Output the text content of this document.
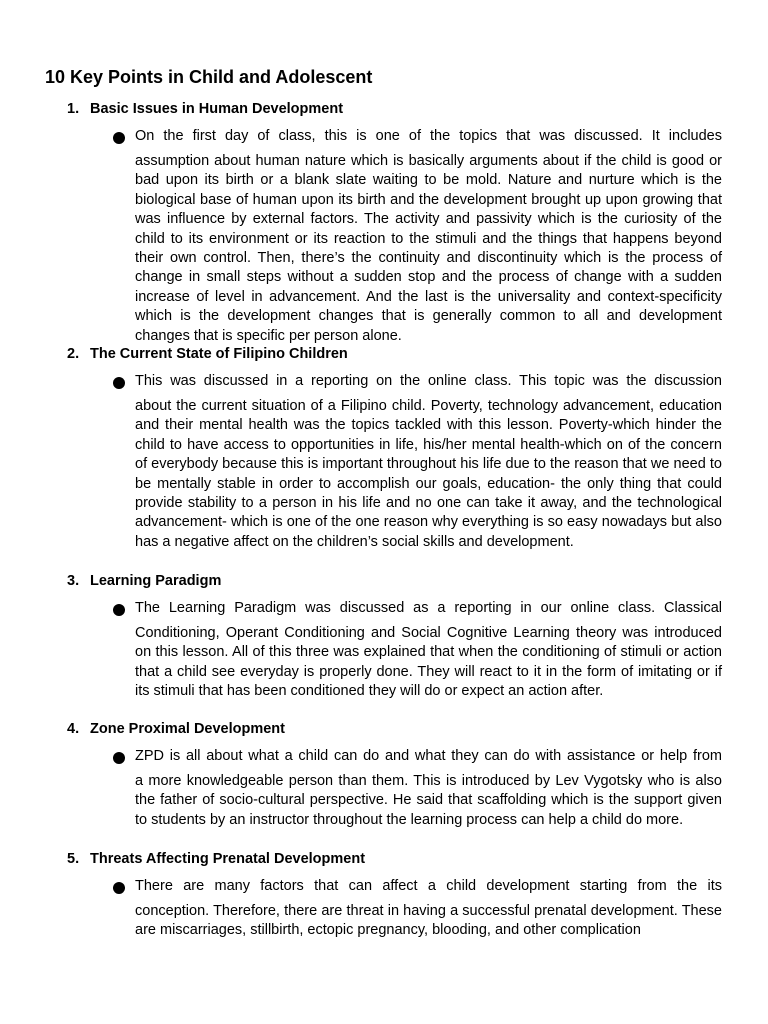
10 Key Points in Child and Adolescent
1. Basic Issues in Human Development
On the first day of class, this is one of the topics that was discussed. It includes

assumption about human nature which is basically arguments about if the child is good or bad upon its birth or a blank slate waiting to be mold. Nature and nurture which is the biological base of human upon its birth and the development brought up upon growing that was influence by external factors. The activity and passivity which is the curiosity of the child to its environment or its reaction to the stimuli and the things that happens beyond their own control. Then, there’s the continuity and discontinuity which is the process of change in small steps without a sudden stop and the process of change with a sudden increase of level in advancement. And the last is the universality and context-specificity which is the development changes that is generally common to all and development changes that is specific per person alone.

2. The Current State of Filipino Children
This was discussed in a reporting on the online class. This topic was the discussion

about the current situation of a Filipino child. Poverty, technology advancement, education and their mental health was the topics tackled with this lesson. Poverty-which hinder the child to have access to opportunities in life, his/her mental health-which on of the concern of everybody because this is important throughout his life due to the reason that we need to be mentally stable in order to accomplish our goals, education- the only thing that could provide stability to a person in his life and no one can take it away, and the technological advancement- which is one of the one reason why everything is so easy nowadays but also has a negative affect on the children’s social skills and development.

3. Learning Paradigm
The Learning Paradigm was discussed as a reporting in our online class. Classical

Conditioning, Operant Conditioning and Social Cognitive Learning theory was introduced on this lesson. All of this three was explained that when the conditioning of stimuli or action that a child see everyday is properly done. They will react to it in the form of imitating or if its stimuli that has been conditioned they will do or expect an action after.

4. Zone Proximal Development
ZPD is all about what a child can do and what they can do with assistance or help from

a more knowledgeable person than them. This is introduced by Lev Vygotsky who is also the father of socio-cultural perspective. He said that scaffolding which is the support given to students by an instructor throughout the learning process can help a child do more.

5. Threats Affecting Prenatal Development
There are many factors that can affect a child development starting from the its

conception. Therefore, there are threat in having a successful prenatal development. These are miscarriages, stillbirth, ectopic pregnancy, blooding, and other complication
